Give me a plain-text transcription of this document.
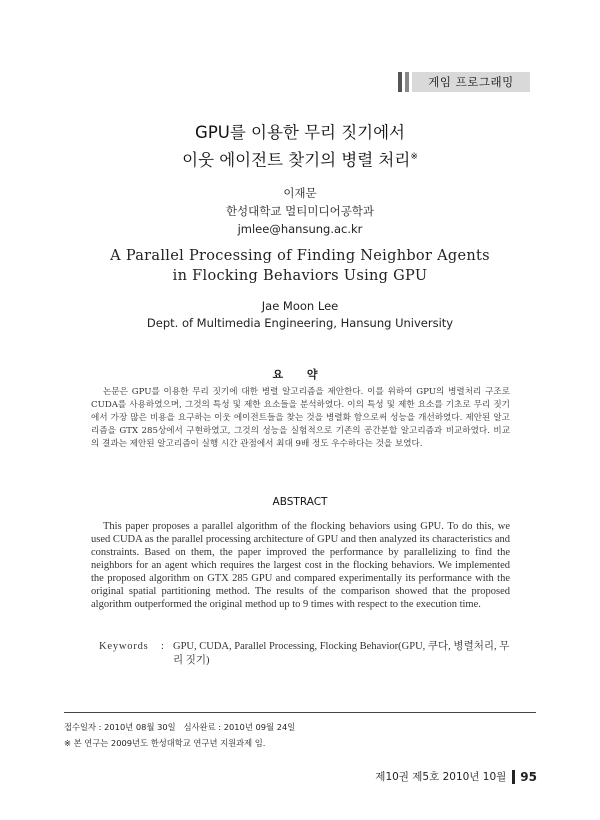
게임 프로그래밍
GPU를 이용한 무리 짓기에서
이웃 에이전트 찾기의 병렬 처리※
이재문
한성대학교 멀티미디어공학과
jmlee@hansung.ac.kr
A Parallel Processing of Finding Neighbor Agents
in Flocking Behaviors Using GPU
Jae Moon Lee
Dept. of Multimedia Engineering, Hansung University
요 약
논문은 GPU를 이용한 무리 짓기에 대한 병렬 알고리즘을 제안한다. 이를 위하여 GPU의 병렬처리 구조로 CUDA를 사용하였으며, 그것의 특성 및 제한 요소들을 분석하였다. 이의 특성 및 제한 요소를 기초로 무리 짓기에서 가장 많은 비용을 요구하는 이웃 에이전트들을 찾는 것을 병렬화 함으로써 성능을 개선하였다. 제안된 알고리즘을 GTX 285상에서 구현하였고, 그것의 성능을 실험적으로 기존의 공간분할 알고리즘과 비교하였다. 비교의 결과는 제안된 알고리즘이 실행 시간 관점에서 최대 9배 정도 우수하다는 것을 보였다.
ABSTRACT
This paper proposes a parallel algorithm of the flocking behaviors using GPU. To do this, we used CUDA as the parallel processing architecture of GPU and then analyzed its characteristics and constraints. Based on them, the paper improved the performance by parallelizing to find the neighbors for an agent which requires the largest cost in the flocking behaviors. We implemented the proposed algorithm on GTX 285 GPU and compared experimentally its performance with the original spatial partitioning method. The results of the comparison showed that the proposed algorithm outperformed the original method up to 9 times with respect to the execution time.
Keywords	: GPU, CUDA, Parallel Processing, Flocking Behavior(GPU, 쿠다, 병렬처리, 무리 짓기)
접수일자 : 2010년 08월 30일   심사완료 : 2010년 09월 24일
※ 본 연구는 2009년도 한성대학교 연구년 지원과제 임.
제10권 제5호 2010년 10월 95
